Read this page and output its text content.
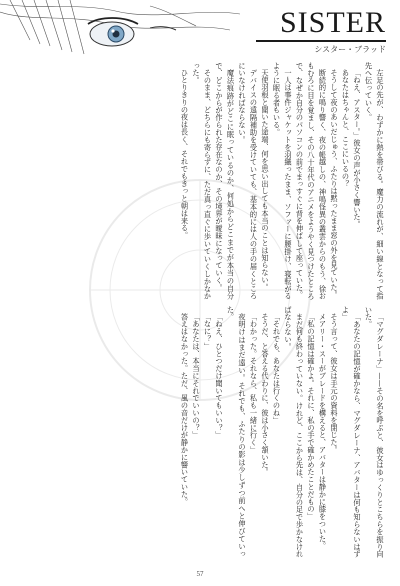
SISTER
シスター・ブラッド

左足の先が、わずかに熱を帯びる。魔力の流れが、細い線となって指先へ伝っていく。

「ねえ、アスター。」彼女の声が小さく響いた。

あなたはちゃんと、ここにいるの？

そうして夜のあいだじゅう、ふたりは黙ったまま窓の外を見ていた。

断続的に鳴り響く、夜の帳越しの、神鳴怪異の叢雲からのもう、徐おもむろに目を覚まし、その八十年代のアニメをようやく見つけたところで、なぜか自分のパソコンの前でまっすぐに背を伸ばして座っていた。

一人は事件ジャケットを羽織ったまま、ソファーに腰掛け、寝転がるように眠る者もいる。

天使羽根と聞いた途端、何を思い出しても本当のことは知らない。

デバイスの遠隔補助を受けていても、基本的には人の手の届くところにいなければならない。

魔法痕跡がどこに眠っているのか、何処からどこまでが本当の自分で、どこからが作られた存在なのか、その境界が曖昧になっていく。

そのまま、どちらにも寄らずに、ただ真っ直ぐに歩いていくしかなかった。

ひとりきりの夜は長く、それでもきっと朝は来る。

「マグダレーナ」——その名を呼ぶと、彼女はゆっくりとこちらを振り向いた。

「あなたの記憶が確かなら、マグダレーナ、アバターは何も知らないはずよ」

そう言って、彼女は手元の資料を閉じた。

メアリー・スーがブレードを構えると、アバターは静かに膝をついた。

「私の記憶は確かよ。それに、私の手で確かめたことだもの」

まだ何も終わっていない。けれど、ここから先は、自分の足で歩かなければならない。

「それでも、あなたは行くのね」

そうだ、と答える代わりに、彼は小さく頷いた。

「わかった。それなら、私も一緒に行く」

夜明けはまだ遠い。それでも、ふたりの影は少しずつ前へと伸びていった。

「ねえ、ひとつだけ聞いてもいい？」

「なに？」

「あなたは、本当にそれでいいの？」

答えはなかった。ただ、風の音だけが静かに響いていた。

57
